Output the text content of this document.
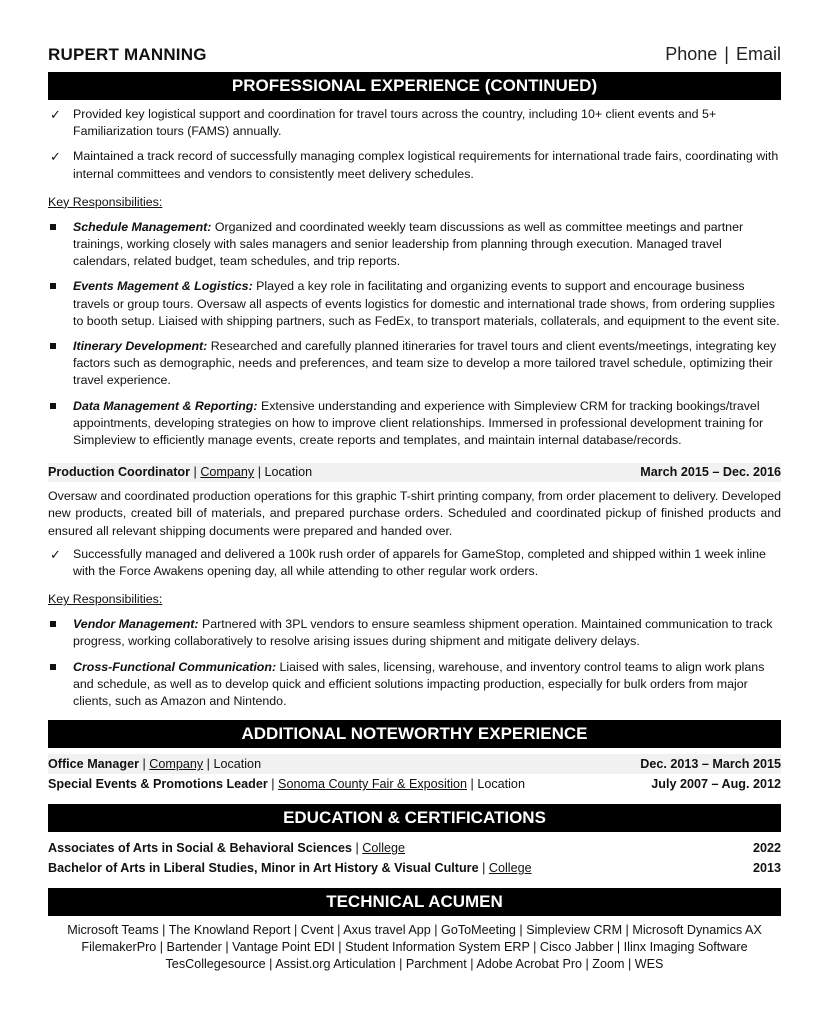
RUPERT MANNING	Phone | Email
PROFESSIONAL EXPERIENCE (CONTINUED)
✓ Provided key logistical support and coordination for travel tours across the country, including 10+ client events and 5+ Familiarization tours (FAMS) annually.
✓ Maintained a track record of successfully managing complex logistical requirements for international trade fairs, coordinating with internal committees and vendors to consistently meet delivery schedules.
Key Responsibilities:
Schedule Management: Organized and coordinated weekly team discussions as well as committee meetings and partner trainings, working closely with sales managers and senior leadership from planning through execution. Managed travel calendars, related budget, team schedules, and trip reports.
Events Magement & Logistics: Played a key role in facilitating and organizing events to support and encourage business travels or group tours. Oversaw all aspects of events logistics for domestic and international trade shows, from ordering supplies to booth setup. Liaised with shipping partners, such as FedEx, to transport materials, collaterals, and equipment to the event site.
Itinerary Development: Researched and carefully planned itineraries for travel tours and client events/meetings, integrating key factors such as demographic, needs and preferences, and team size to develop a more tailored travel schedule, optimizing their travel experience.
Data Management & Reporting: Extensive understanding and experience with Simpleview CRM for tracking bookings/travel appointments, developing strategies on how to improve client relationships. Immersed in professional development training for Simpleview to efficiently manage events, create reports and templates, and maintain internal database/records.
Production Coordinator | Company | Location	March 2015 – Dec. 2016
Oversaw and coordinated production operations for this graphic T-shirt printing company, from order placement to delivery. Developed new products, created bill of materials, and prepared purchase orders. Scheduled and coordinated pickup of finished products and ensured all relevant shipping documents were prepared and handed over.
✓ Successfully managed and delivered a 100k rush order of apparels for GameStop, completed and shipped within 1 week inline with the Force Awakens opening day, all while attending to other regular work orders.
Key Responsibilities:
Vendor Management: Partnered with 3PL vendors to ensure seamless shipment operation. Maintained communication to track progress, working collaboratively to resolve arising issues during shipment and mitigate delivery delays.
Cross-Functional Communication: Liaised with sales, licensing, warehouse, and inventory control teams to align work plans and schedule, as well as to develop quick and efficient solutions impacting production, especially for bulk orders from major clients, such as Amazon and Nintendo.
ADDITIONAL NOTEWORTHY EXPERIENCE
Office Manager | Company | Location	Dec. 2013 – March 2015
Special Events & Promotions Leader | Sonoma County Fair & Exposition | Location	July 2007 – Aug. 2012
EDUCATION & CERTIFICATIONS
Associates of Arts in Social & Behavioral Sciences | College	2022
Bachelor of Arts in Liberal Studies, Minor in Art History & Visual Culture | College	2013
TECHNICAL ACUMEN
Microsoft Teams | The Knowland Report | Cvent | Axus travel App | GoToMeeting | Simpleview CRM | Microsoft Dynamics AX
FilemakerPro | Bartender | Vantage Point EDI | Student Information System ERP | Cisco Jabber | Ilinx Imaging Software
TesCollegesource | Assist.org Articulation | Parchment | Adobe Acrobat Pro | Zoom | WES
